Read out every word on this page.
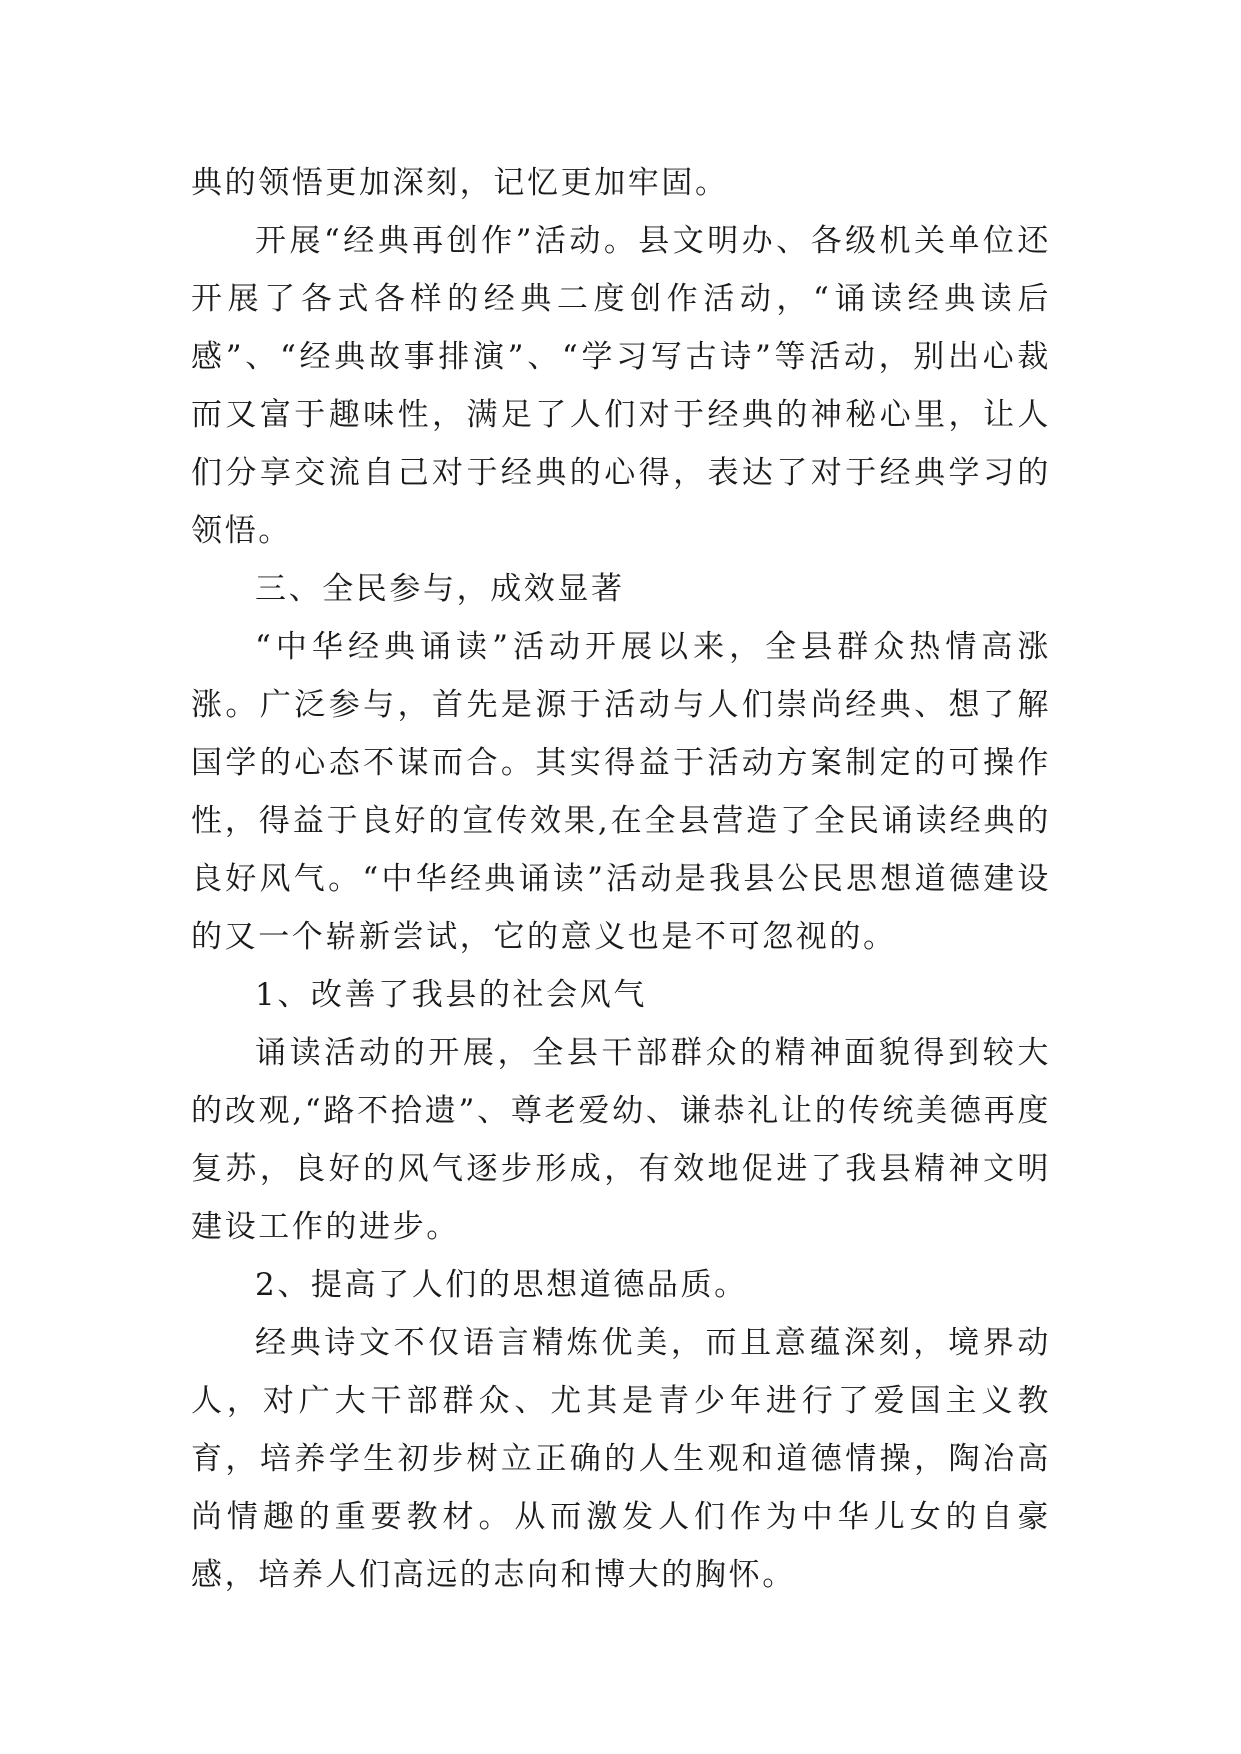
典的领悟更加深刻，记忆更加牢固。

开展“经典再创作”活动。县文明办、各级机关单位还开展了各式各样的经典二度创作活动，“诵读经典读后感”、“经典故事排演”、“学习写古诗”等活动，别出心裁而又富于趣味性，满足了人们对于经典的神秘心里，让人们分享交流自己对于经典的心得，表达了对于经典学习的领悟。

三、全民参与，成效显著

“中华经典诵读”活动开展以来，全县群众热情高涨涨。广泛参与，首先是源于活动与人们崇尚经典、想了解国学的心态不谋而合。其实得益于活动方案制定的可操作性，得益于良好的宣传效果,在全县营造了全民诵读经典的良好风气。“中华经典诵读”活动是我县公民思想道德建设的又一个崭新尝试，它的意义也是不可忽视的。

1、改善了我县的社会风气

诵读活动的开展，全县干部群众的精神面貌得到较大的改观,“路不拾遗”、尊老爱幼、谦恭礼让的传统美德再度复苏，良好的风气逐步形成，有效地促进了我县精神文明建设工作的进步。

2、提高了人们的思想道德品质。

经典诗文不仅语言精炼优美，而且意蕴深刻，境界动人，对广大干部群众、尤其是青少年进行了爱国主义教育，培养学生初步树立正确的人生观和道德情操，陶冶高尚情趣的重要教材。从而激发人们作为中华儿女的自豪感，培养人们高远的志向和博大的胸怀。
